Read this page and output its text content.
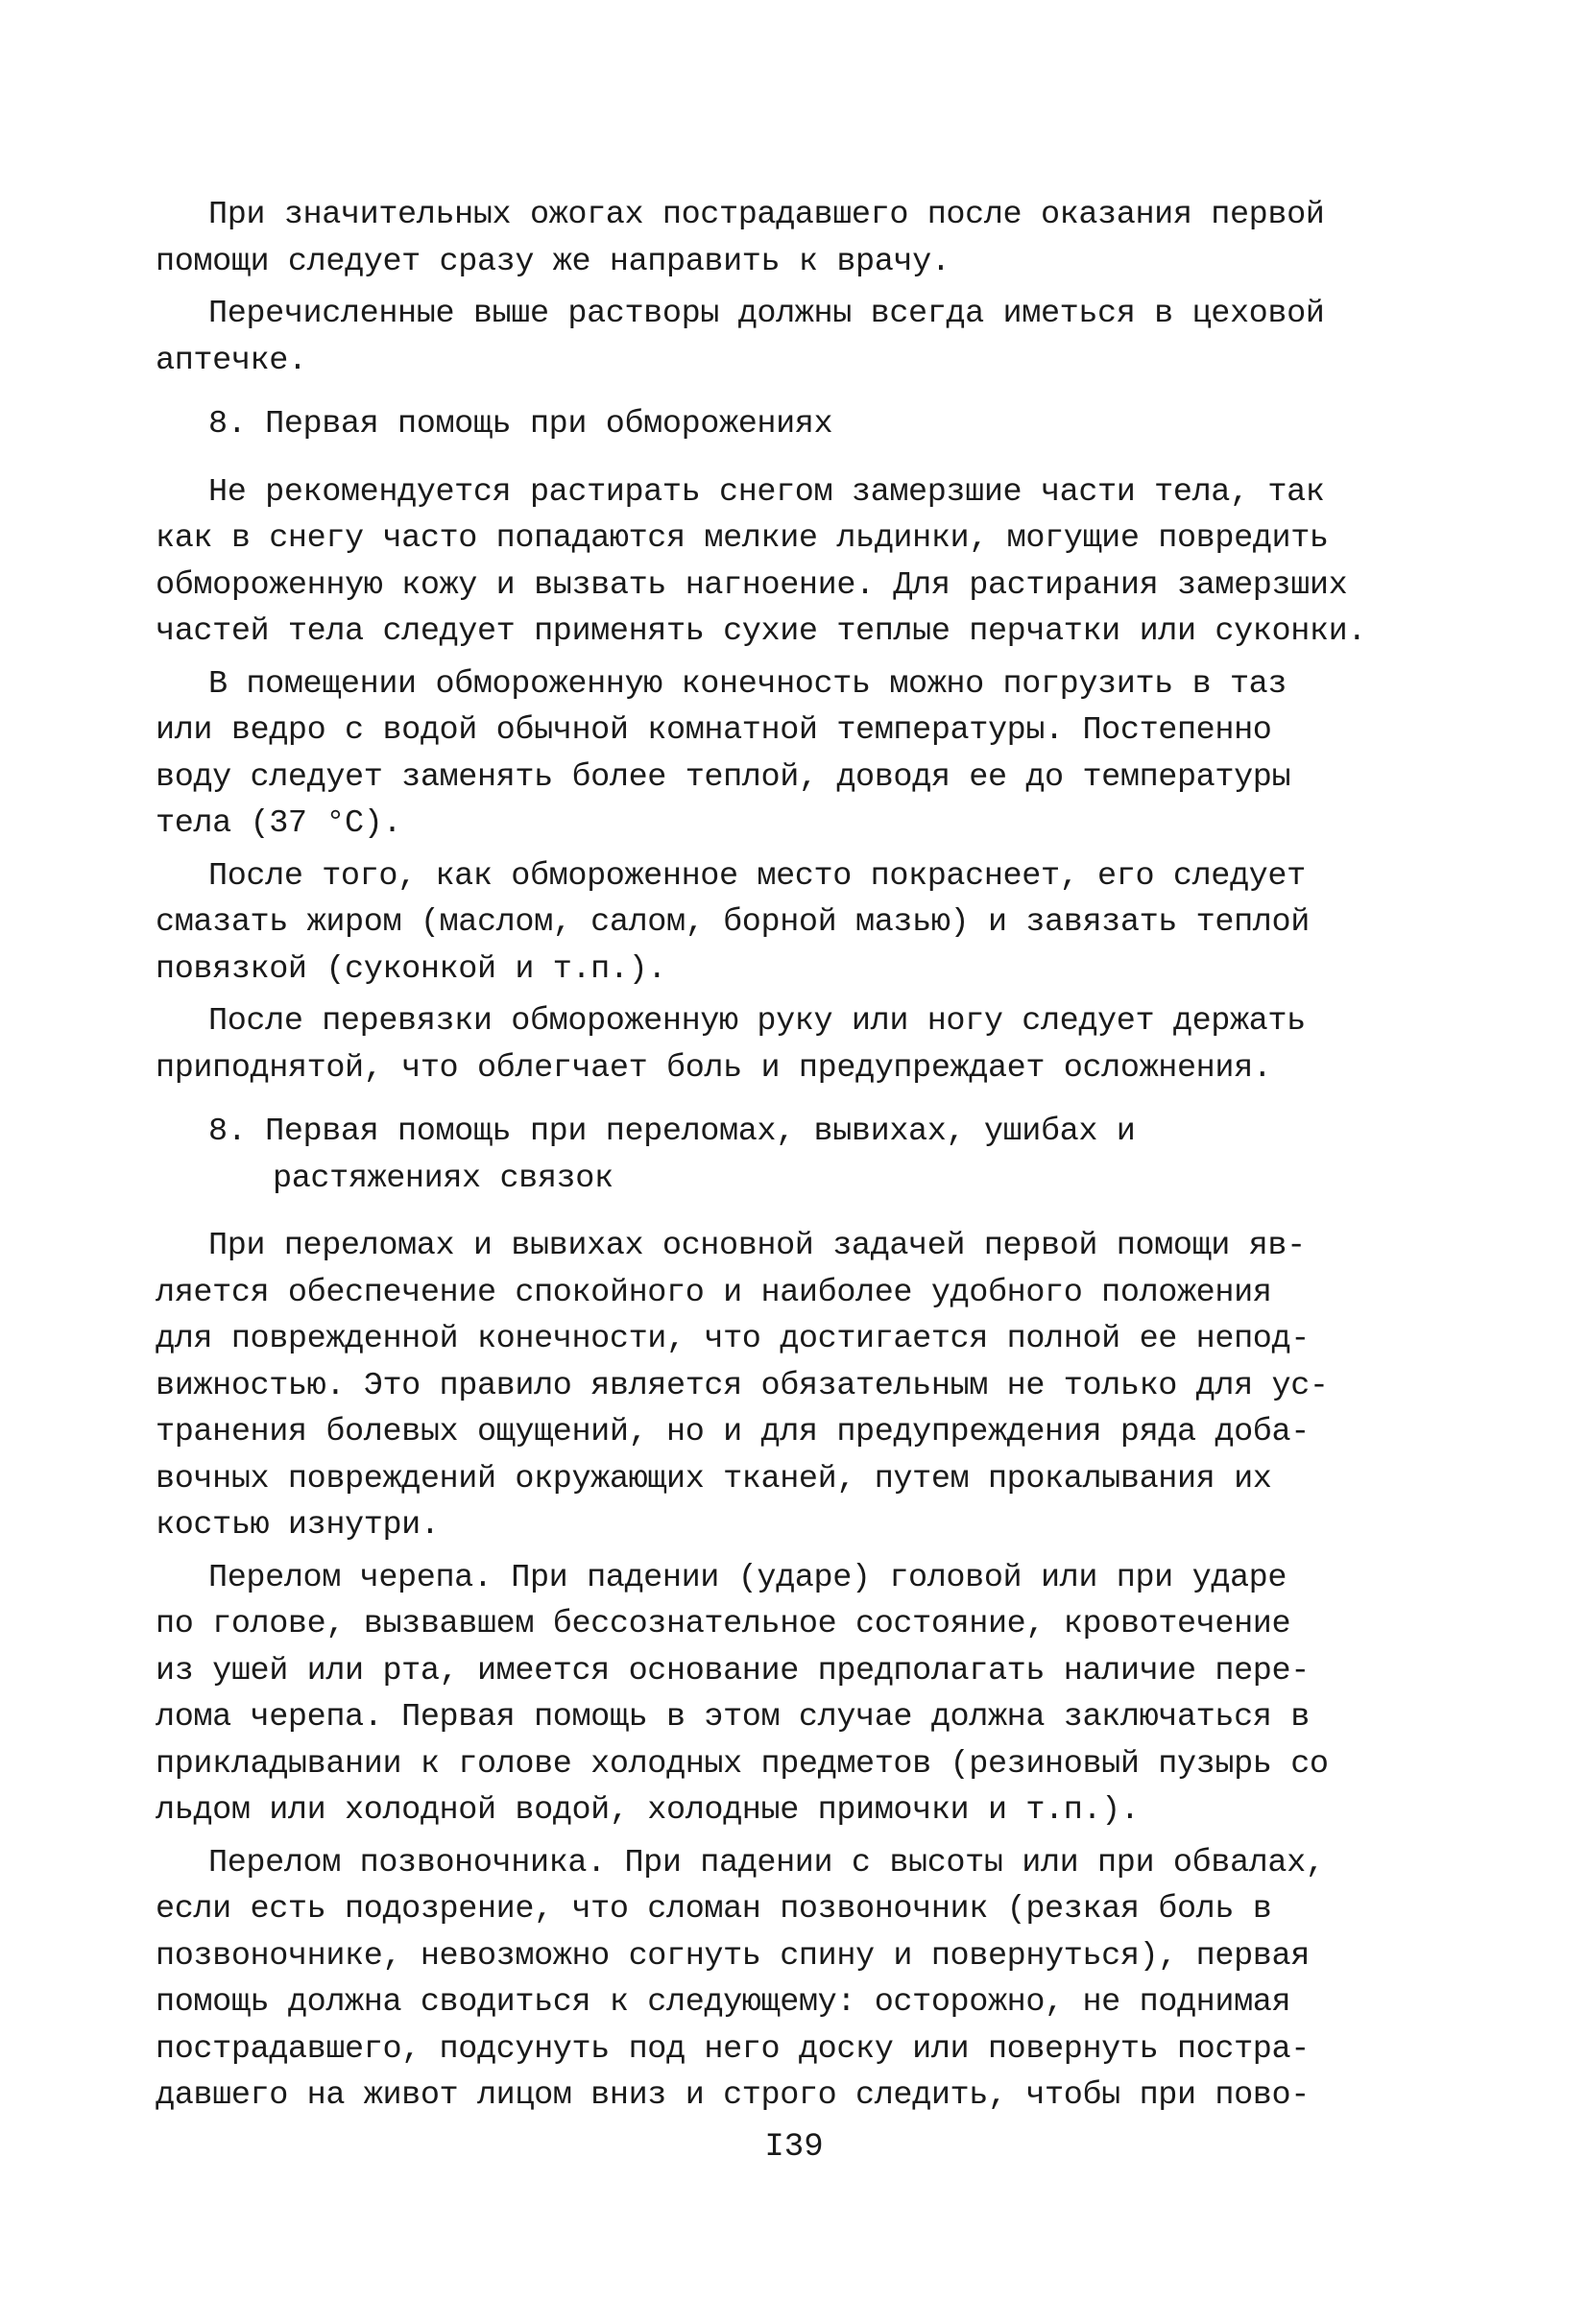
При значительных ожогах пострадавшего после оказания первой
помощи следует сразу же направить к врачу.
Перечисленные выше растворы должны всегда иметься в цеховой
аптечке.
8. Первая помощь при обморожениях
Не рекомендуется растирать снегом замерзшие части тела, так
как в снегу часто попадаются мелкие льдинки, могущие повредить
обмороженную кожу и вызвать нагноение. Для растирания замерзших
частей тела следует применять сухие теплые перчатки или суконки.
В помещении обмороженную конечность можно погрузить в таз
или ведро с водой обычной комнатной температуры. Постепенно
воду следует заменять более теплой, доводя ее до температуры
тела (37 °С).
После того, как обмороженное место покраснеет, его следует
смазать жиром (маслом, салом, борной мазью) и завязать теплой
повязкой (суконкой и т.п.).
После перевязки обмороженную руку или ногу следует держать
приподнятой, что облегчает боль и предупреждает осложнения.
8. Первая помощь при переломах, вывихах, ушибах и
растяжениях связок
При переломах и вывихах основной задачей первой помощи яв-
ляется обеспечение спокойного и наиболее удобного положения
для поврежденной конечности, что достигается полной ее непод-
вижностью. Это правило является обязательным не только для ус-
транения болевых ощущений, но и для предупреждения ряда доба-
вочных повреждений окружающих тканей, путем прокалывания их
костью изнутри.
Перелом черепа. При падении (ударе) головой или при ударе
по голове, вызвавшем бессознательное состояние, кровотечение
из ушей или рта, имеется основание предполагать наличие пере-
лома черепа. Первая помощь в этом случае должна заключаться в
прикладывании к голове холодных предметов (резиновый пузырь со
льдом или холодной водой, холодные примочки и т.п.).
Перелом позвоночника. При падении с высоты или при обвалах,
если есть подозрение, что сломан позвоночник (резкая боль в
позвоночнике, невозможно согнуть спину и повернуться), первая
помощь должна сводиться к следующему: осторожно, не поднимая
пострадавшего, подсунуть под него доску или повернуть постра-
давшего на живот лицом вниз и строго следить, чтобы при пово-
I39
